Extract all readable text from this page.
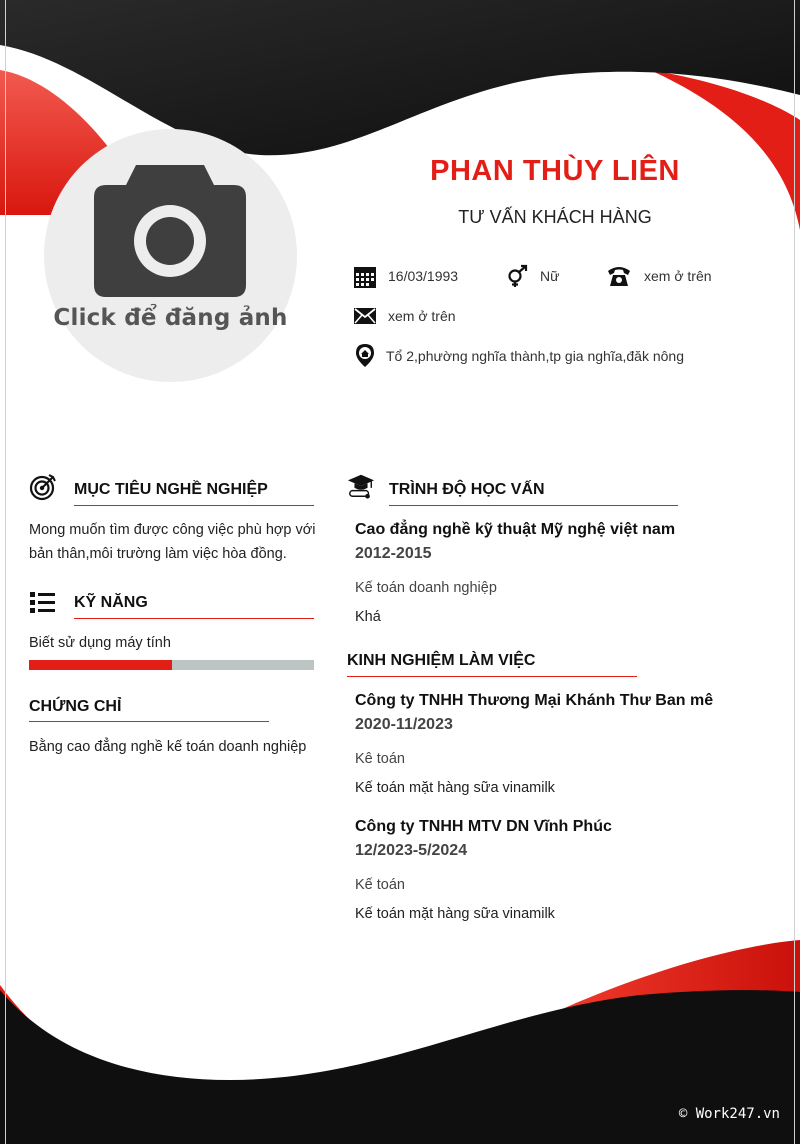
Click để đăng ảnh
PHAN THÙY LIÊN
TƯ VẤN KHÁCH HÀNG
16/03/1993	Nữ	xem ở trên
xem ở trên
Tổ 2,phường nghĩa thành,tp gia nghĩa,đăk nông
MỤC TIÊU NGHỀ NGHIỆP
Mong muốn tìm được công việc phù hợp với
bản thân,môi trường làm việc hòa đồng.
KỸ NĂNG
Biết sử dụng máy tính
CHỨNG CHỈ
Bằng cao đẳng nghề kế toán doanh nghiệp
TRÌNH ĐỘ HỌC VẤN
Cao đẳng nghề kỹ thuật Mỹ nghệ việt nam
2012-2015
Kế toán doanh nghiệp
Khá
KINH NGHIỆM LÀM VIỆC
Công ty TNHH Thương Mại Khánh Thư Ban mê
2020-11/2023
Kê toán
Kế toán mặt hàng sữa vinamilk
Công ty TNHH MTV DN Vĩnh Phúc
12/2023-5/2024
Kế toán
Kế toán mặt hàng sữa vinamilk
© Work247.vn
